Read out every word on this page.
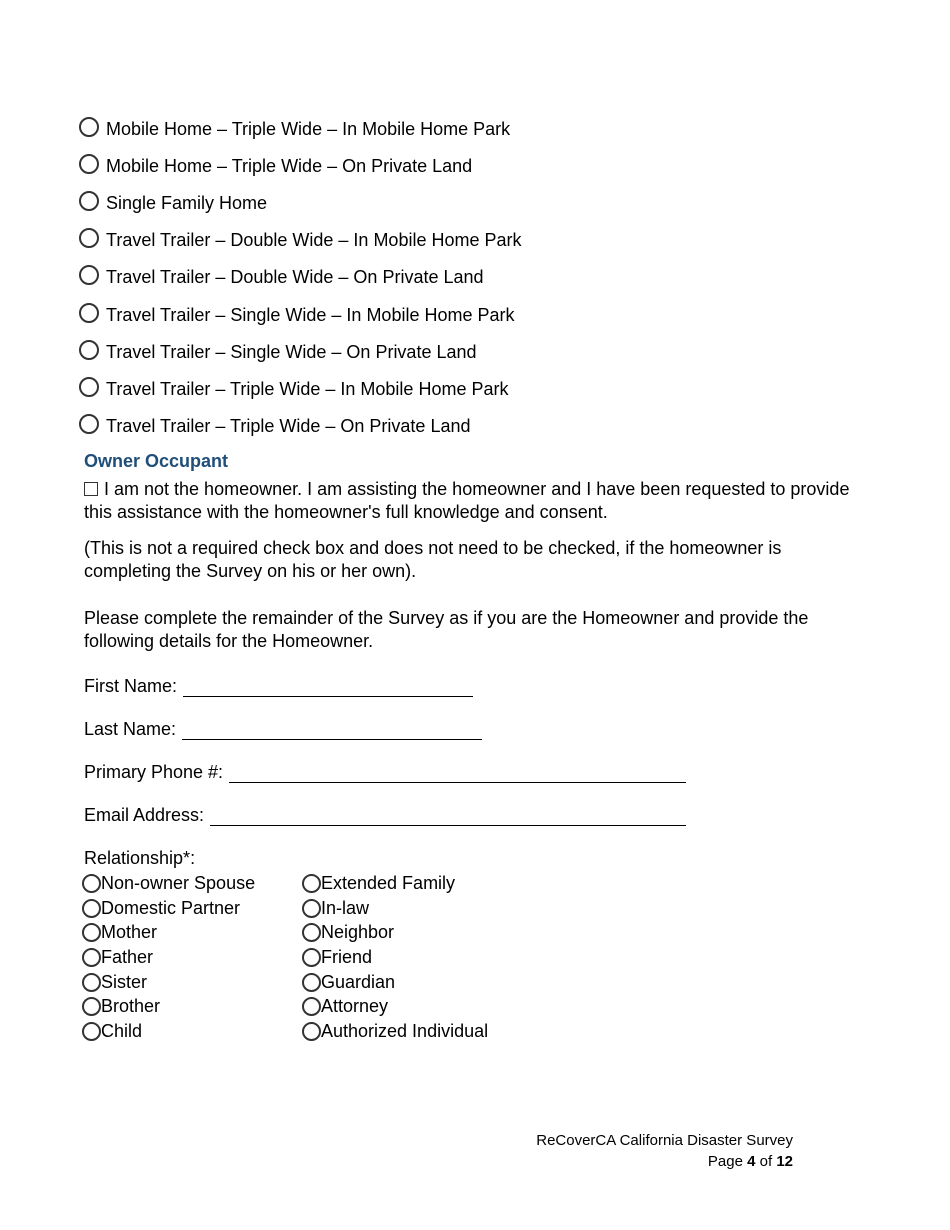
Mobile Home – Triple Wide – In Mobile Home Park
Mobile Home – Triple Wide – On Private Land
Single Family Home
Travel Trailer – Double Wide – In Mobile Home Park
Travel Trailer – Double Wide – On Private Land
Travel Trailer – Single Wide – In Mobile Home Park
Travel Trailer – Single Wide – On Private Land
Travel Trailer – Triple Wide – In Mobile Home Park
Travel Trailer – Triple Wide – On Private Land
Owner Occupant
I am not the homeowner. I am assisting the homeowner and I have been requested to provide this assistance with the homeowner's full knowledge and consent.
(This is not a required check box and does not need to be checked, if the homeowner is completing the Survey on his or her own).
Please complete the remainder of the Survey as if you are the Homeowner and provide the following details for the Homeowner.
First Name:
Last Name:
Primary Phone #:
Email Address:
Relationship*:
Non-owner Spouse
Domestic Partner
Mother
Father
Sister
Brother
Child
Extended Family
In-law
Neighbor
Friend
Guardian
Attorney
Authorized Individual
ReCoverCA California Disaster Survey
Page 4 of 12
